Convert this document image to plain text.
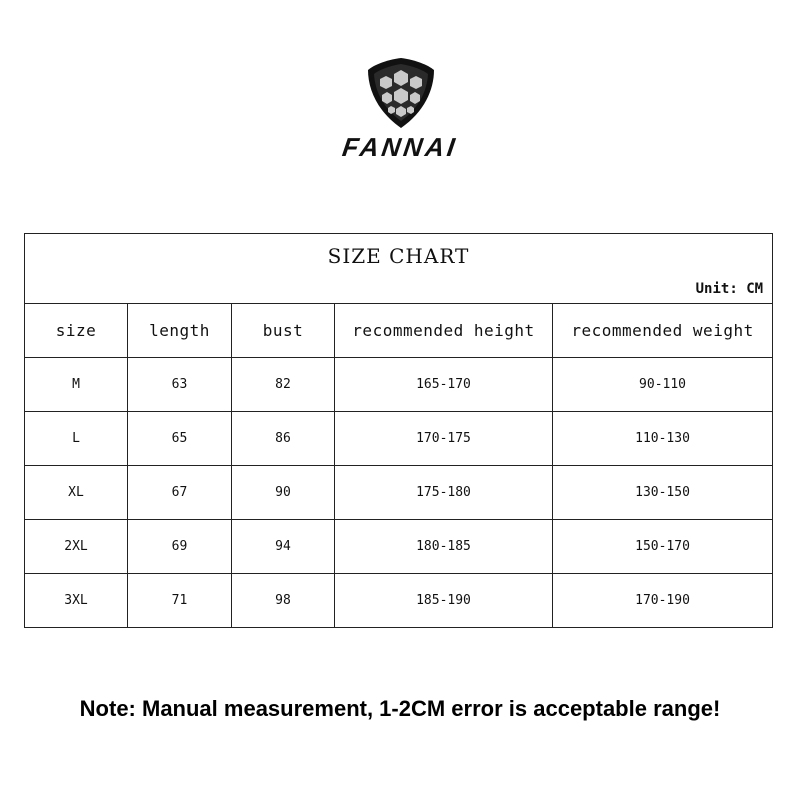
FANNAI
SIZE CHART
Unit: CM				

size	length	bust	recommended height	recommended weight
M	63	82	165-170	90-110
L	65	86	170-175	110-130
XL	67	90	175-180	130-150
2XL	69	94	180-185	150-170
3XL	71	98	185-190	170-190
Note: Manual measurement, 1-2CM error is acceptable range!
